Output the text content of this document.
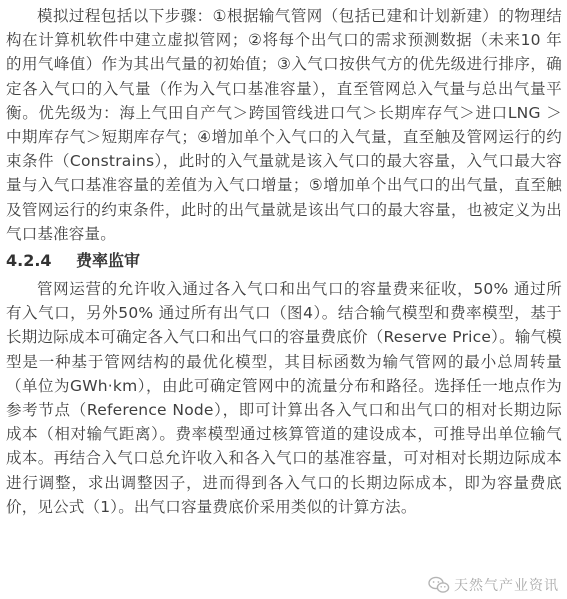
模拟过程包括以下步骤：①根据输气管网（包括已建和计划新建）的物理结构在计算机软件中建立虚拟管网；②将每个出气口的需求预测数据（未来10 年的用气峰值）作为其出气量的初始值；③入气口按供气方的优先级进行排序，确定各入气口的入气量（作为入气口基准容量），直至管网总入气量与总出气量平衡。优先级为：海上气田自产气＞跨国管线进口气＞长期库存气＞进口LNG ＞中期库存气＞短期库存气；④增加单个入气口的入气量，直至触及管网运行的约束条件（Constrains），此时的入气量就是该入气口的最大容量，入气口最大容量与入气口基准容量的差值为入气口增量；⑤增加单个出气口的出气量，直至触及管网运行的约束条件，此时的出气量就是该出气口的最大容量，也被定义为出气口基准容量。

4.2.4 费率监审

管网运营的允许收入通过各入气口和出气口的容量费来征收，50% 通过所有入气口，另外50% 通过所有出气口（图4）。结合输气模型和费率模型，基于长期边际成本可确定各入气口和出气口的容量费底价（Reserve Price）。输气模型是一种基于管网结构的最优化模型，其目标函数为输气管网的最小总周转量（单位为GWh·km），由此可确定管网中的流量分布和路径。选择任一地点作为参考节点（Reference Node），即可计算出各入气口和出气口的相对长期边际成本（相对输气距离）。费率模型通过核算管道的建设成本，可推导出单位输气成本。再结合入气口总允许收入和各入气口的基准容量，可对相对长期边际成本进行调整，求出调整因子，进而得到各入气口的长期边际成本，即为容量费底价，见公式（1）。出气口容量费底价采用类似的计算方法。

天然气产业资讯
